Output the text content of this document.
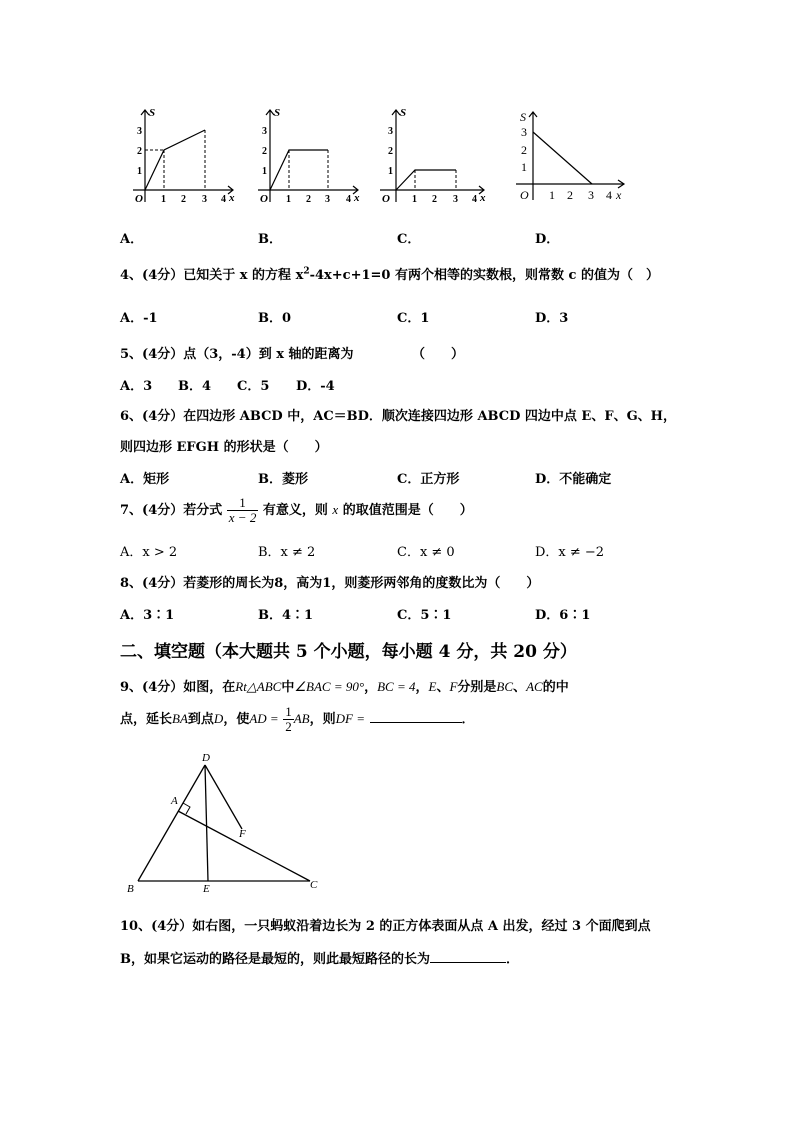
S
x
O
3
2
1
1 2 3 4
S
x
O
3
2
1
1 2 3 4
S
x
O
3
2
1
1 2 3 4
S
x
O
3
2
1
1 2 3 4
A．	B．	C．	D．
4、(4分）已知关于 x 的方程 $x^2-4x+c+1=0$ 有两个相等的实数根，则常数 c 的值为（　）
A．-1	B．0	C．1	D．3
5、(4分）点（3，-4）到 x 轴的距离为　　　　　（　　）
A．3 B．4 C．5 D．-4
6、(4分）在四边形 ABCD 中，AC＝BD．顺次连接四边形 ABCD 四边中点 E、F、G、H，
则四边形 EFGH 的形状是（　　）
A．矩形	B．菱形	C．正方形	D．不能确定
7、(4分）若分式 $\frac{1}{x - 2}$ 有意义，则 x 的取值范围是（　　）
A．x > 2	B．x ≠ 2	C．x ≠ 0	D．x ≠ −2
8、(4分）若菱形的周长为8，高为1，则菱形两邻角的度数比为（　　）
A．3∶1	B．4∶1	C．5∶1	D．6∶1
二、填空题（本大题共 5 个小题，每小题 4 分，共 20 分）
9、(4分）如图，在Rt△ABC中∠BAC = 90°，BC = 4，E、F分别是BC、AC的中
点，延长BA到点D，使AD = $\frac{1}{2}$ AB，则DF =	．
D
A
F
B	E	C
10、(4分）如右图，一只蚂蚁沿着边长为 2 的正方体表面从点 A 出发，经过 3 个面爬到点
B，如果它运动的路径是最短的，则此最短路径的长为	．
